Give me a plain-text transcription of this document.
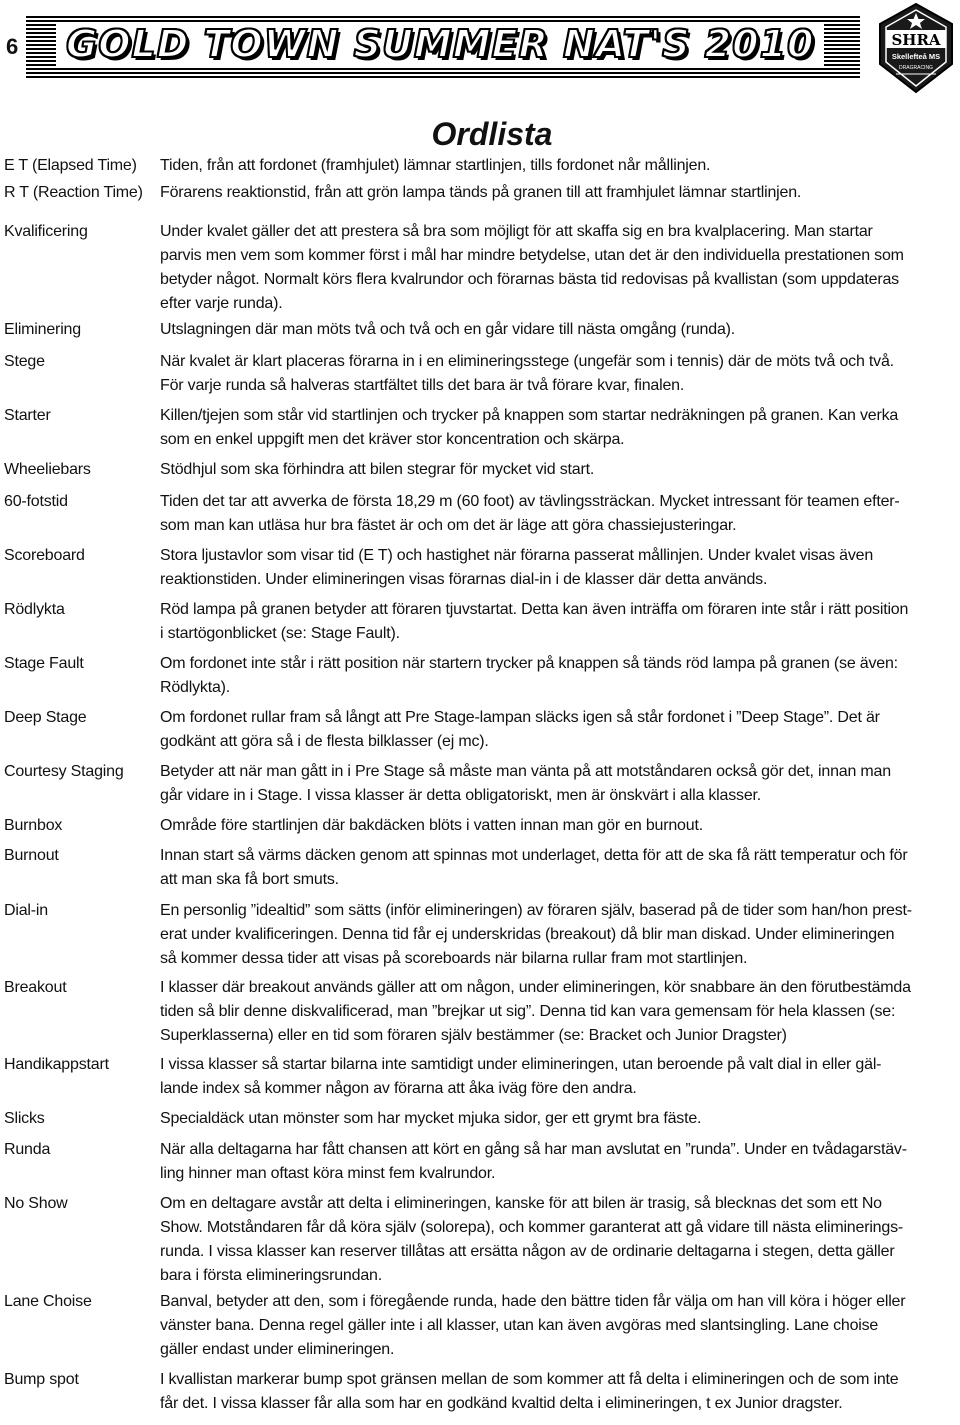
6 GOLD TOWN SUMMER NAT'S 2010	SHRA
Skellefteå MS
DRAGRACING
Ordlista
E T (Elapsed Time)	Tiden, från att fordonet (framhjulet) lämnar startlinjen, tills fordonet når mållinjen.
R T (Reaction Time)	Förarens reaktionstid, från att grön lampa tänds på granen till att framhjulet lämnar startlinjen.
Kvalificering	Under kvalet gäller det att prestera så bra som möjligt för att skaffa sig en bra kvalplacering. Man startar
parvis men vem som kommer först i mål har mindre betydelse, utan det är den individuella prestationen som
betyder något. Normalt körs flera kvalrundor och förarnas bästa tid redovisas på kvallistan (som uppdateras
efter varje runda).
Eliminering	Utslagningen där man möts två och två och en går vidare till nästa omgång (runda).
Stege	När kvalet är klart placeras förarna in i en elimineringsstege (ungefär som i tennis) där de möts två och två.
För varje runda så halveras startfältet tills det bara är två förare kvar, finalen.
Starter	Killen/tjejen som står vid startlinjen och trycker på knappen som startar nedräkningen på granen. Kan verka
som en enkel uppgift men det kräver stor koncentration och skärpa.
Wheeliebars	Stödhjul som ska förhindra att bilen stegrar för mycket vid start.
60-fotstid	Tiden det tar att avverka de första 18,29 m (60 foot) av tävlingssträckan. Mycket intressant för teamen efter-
som man kan utläsa hur bra fästet är och om det är läge att göra chassiejusteringar.
Scoreboard	Stora ljustavlor som visar tid (E T) och hastighet när förarna passerat mållinjen. Under kvalet visas även
reaktionstiden. Under elimineringen visas förarnas dial-in i de klasser där detta används.
Rödlykta	Röd lampa på granen betyder att föraren tjuvstartat. Detta kan även inträffa om föraren inte står i rätt position
i startögonblicket (se: Stage Fault).
Stage Fault	Om fordonet inte står i rätt position när startern trycker på knappen så tänds röd lampa på granen (se även:
Rödlykta).
Deep Stage	Om fordonet rullar fram så långt att Pre Stage-lampan släcks igen så står fordonet i ”Deep Stage”. Det är
godkänt att göra så i de flesta bilklasser (ej mc).
Courtesy Staging	Betyder att när man gått in i Pre Stage så måste man vänta på att motståndaren också gör det, innan man
går vidare in i Stage. I vissa klasser är detta obligatoriskt, men är önskvärt i alla klasser.
Burnbox	Område före startlinjen där bakdäcken blöts i vatten innan man gör en burnout.
Burnout	Innan start så värms däcken genom att spinnas mot underlaget, detta för att de ska få rätt temperatur och för
att man ska få bort smuts.
Dial-in	En personlig ”idealtid” som sätts (inför elimineringen) av föraren själv, baserad på de tider som han/hon prest-
erat under kvalificeringen. Denna tid får ej underskridas (breakout) då blir man diskad. Under elimineringen
så kommer dessa tider att visas på scoreboards när bilarna rullar fram mot startlinjen.
Breakout	I klasser där breakout används gäller att om någon, under elimineringen, kör snabbare än den förutbestämda
tiden så blir denne diskvalificerad, man ”brejkar ut sig”. Denna tid kan vara gemensam för hela klassen (se:
Superklasserna) eller en tid som föraren själv bestämmer (se: Bracket och Junior Dragster)
Handikappstart	I vissa klasser så startar bilarna inte samtidigt under elimineringen, utan beroende på valt dial in eller gäl-
lande index så kommer någon av förarna att åka iväg före den andra.
Slicks	Specialdäck utan mönster som har mycket mjuka sidor, ger ett grymt bra fäste.
Runda	När alla deltagarna har fått chansen att kört en gång så har man avslutat en ”runda”. Under en tvådagarstäv-
ling hinner man oftast köra minst fem kvalrundor.
No Show	Om en deltagare avstår att delta i elimineringen, kanske för att bilen är trasig, så blecknas det som ett No
Show. Motståndaren får då köra själv (solorepa), och kommer garanterat att gå vidare till nästa eliminerings-
runda. I vissa klasser kan reserver tillåtas att ersätta någon av de ordinarie deltagarna i stegen, detta gäller
bara i första elimineringsrundan.
Lane Choise	Banval, betyder att den, som i föregående runda, hade den bättre tiden får välja om han vill köra i höger eller
vänster bana. Denna regel gäller inte i all klasser, utan kan även avgöras med slantsingling. Lane choise
gäller endast under elimineringen.
Bump spot	I kvallistan markerar bump spot gränsen mellan de som kommer att få delta i elimineringen och de som inte
får det. I vissa klasser får alla som har en godkänd kvaltid delta i elimineringen, t ex Junior dragster.
